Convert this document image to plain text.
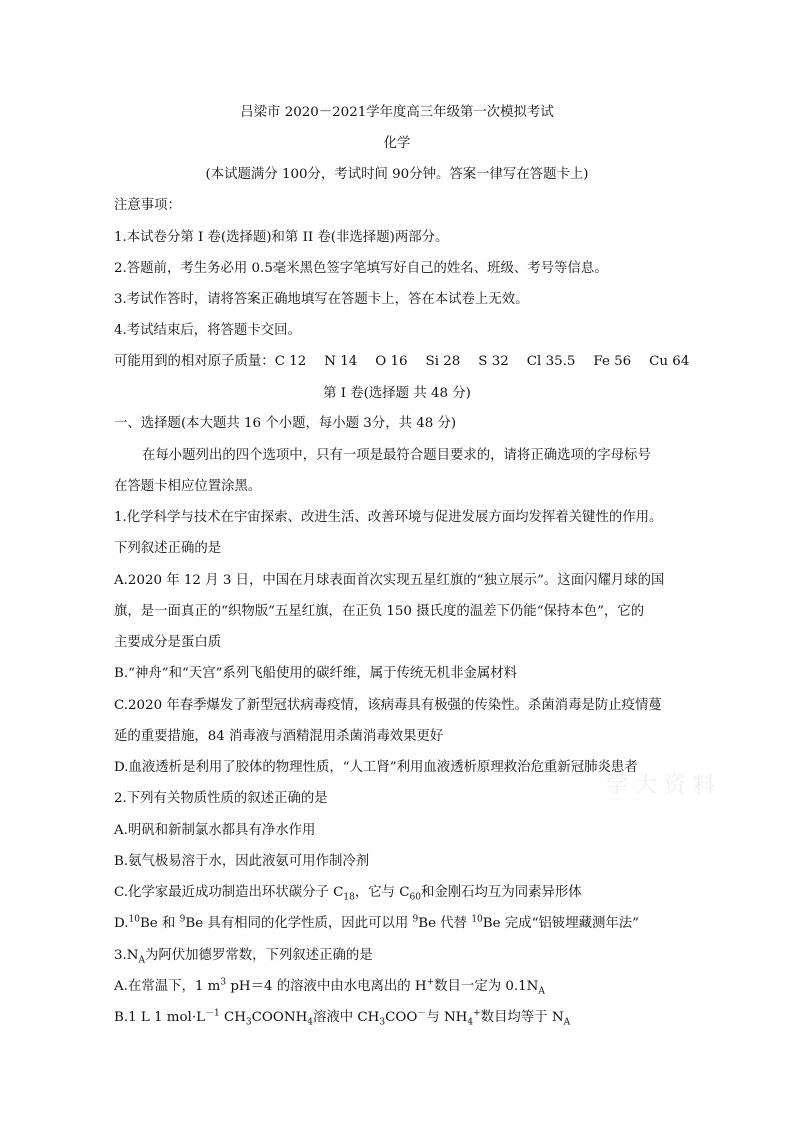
吕梁市 2020－2021学年度高三年级第一次模拟考试
化学
(本试题满分 100分，考试时间 90分钟。答案一律写在答题卡上)
注意事项：
1.本试卷分第 I 卷(选择题)和第 II 卷(非选择题)两部分。
2.答题前，考生务必用 0.5毫米黑色签字笔填写好自己的姓名、班级、考号等信息。
3.考试作答时，请将答案正确地填写在答题卡上，答在本试卷上无效。
4.考试结束后，将答题卡交回。
可能用到的相对原子质量：C 12 N 14 O 16 Si 28 S 32 Cl 35.5 Fe 56 Cu 64
第 I 卷(选择题 共 48 分)
一、选择题(本大题共 16 个小题，每小题 3分，共 48 分)
在每小题列出的四个选项中，只有一项是最符合题目要求的，请将正确选项的字母标号
在答题卡相应位置涂黑。
1.化学科学与技术在宇宙探索、改进生活、改善环境与促进发展方面均发挥着关键性的作用。
下列叙述正确的是
A.2020 年 12 月 3 日，中国在月球表面首次实现五星红旗的“独立展示”。这面闪耀月球的国
旗，是一面真正的“织物版”五星红旗，在正负 150 摄氏度的温差下仍能“保持本色”，它的
主要成分是蛋白质
B.“神舟”和“天宫”系列飞船使用的碳纤维，属于传统无机非金属材料
C.2020 年春季爆发了新型冠状病毒疫情，该病毒具有极强的传染性。杀菌消毒是防止疫情蔓
延的重要措施，84 消毒液与酒精混用杀菌消毒效果更好
D.血液透析是利用了胶体的物理性质，“人工肾”利用血液透析原理救治危重新冠肺炎患者
2.下列有关物质性质的叙述正确的是
A.明矾和新制氯水都具有净水作用
B.氨气极易溶于水，因此液氨可用作制冷剂
C.化学家最近成功制造出环状碳分子 $C_{18}$，它与 $C_{60}$和金刚石均互为同素异形体
D.$^{10}$Be 和 $^9$Be 具有相同的化学性质，因此可以用 $^9$Be 代替 $^{10}$Be 完成“铝铍埋藏测年法”
$3.N_A$为阿伏加德罗常数，下列叙述正确的是
A.在常温下，1 $m^3$ pH＝4 的溶液中由水电离出的 H+数目一定为 $0.1N_A$
B.1 L 1 $mol\cdot L^{-1}$ $CH_3COONH_4$溶液中 $CH_3COO^-$与 $NH_4^+$数目均等于 $N_A$
学 大 资 料
